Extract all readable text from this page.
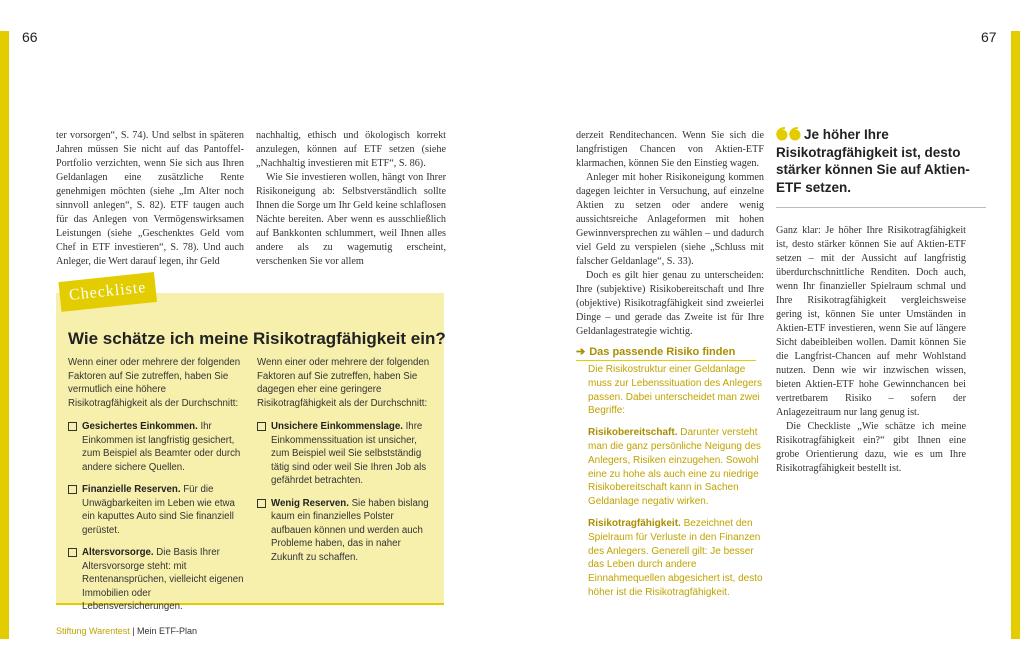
66	67

ter vorsorgen“, S. 74). Und selbst in späteren Jahren müssen Sie nicht auf das Pantoffel-Portfolio verzichten, wenn Sie sich aus Ihren Geldanlagen eine zusätzliche Rente genehmigen möchten (siehe „Im Alter noch sinnvoll anlegen“, S. 82). ETF taugen auch für das Anlegen von Vermögenswirksamen Leistungen (siehe „Geschenktes Geld vom Chef in ETF investieren“, S. 78). Und auch Anleger, die Wert darauf legen, ihr Geld

nachhaltig, ethisch und ökologisch korrekt anzulegen, können auf ETF setzen (siehe „Nachhaltig investieren mit ETF“, S. 86).

Wie Sie investieren wollen, hängt von Ihrer Risikoneigung ab: Selbstverständlich sollte Ihnen die Sorge um Ihr Geld keine schlaflosen Nächte bereiten. Aber wenn es ausschließlich auf Bankkonten schlummert, weil Ihnen alles andere als zu wagemutig erscheint, verschenken Sie vor allem

Checkliste
Wie schätze ich meine Risikotragfähigkeit ein?

Wenn einer oder mehrere der folgenden Faktoren auf Sie zutreffen, haben Sie vermutlich eine höhere Risikotragfähigkeit als der Durchschnitt:

Gesichertes Einkommen. Ihr Einkommen ist langfristig gesichert, zum Beispiel als Beamter oder durch andere sichere Quellen.
Finanzielle Reserven. Für die Unwägbarkeiten im Leben wie etwa ein kaputtes Auto sind Sie finanziell gerüstet.
Altersvorsorge. Die Basis Ihrer Altersvorsorge steht: mit Rentenansprüchen, vielleicht eigenen Immobilien oder Lebensversicherungen.

Wenn einer oder mehrere der folgenden Faktoren auf Sie zutreffen, haben Sie dagegen eher eine geringere Risikotragfähigkeit als der Durchschnitt:

Unsichere Einkommenslage. Ihre Einkommenssituation ist unsicher, zum Beispiel weil Sie selbstständig tätig sind oder weil Sie Ihren Job als gefährdet betrachten.
Wenig Reserven. Sie haben bislang kaum ein finanzielles Polster aufbauen können und werden auch Probleme haben, das in naher Zukunft zu schaffen.

derzeit Renditechancen. Wenn Sie sich die langfristigen Chancen von Aktien-ETF klarmachen, können Sie den Einstieg wagen.

Anleger mit hoher Risikoneigung kommen dagegen leichter in Versuchung, auf einzelne Aktien zu setzen oder andere wenig aussichtsreiche Anlageformen mit hohen Gewinnversprechen zu wählen – und dadurch viel Geld zu verspielen (siehe „Schluss mit falscher Geldanlage“, S. 33).

Doch es gilt hier genau zu unterscheiden: Ihre (subjektive) Risikobereitschaft und Ihre (objektive) Risikotragfähigkeit sind zweierlei Dinge – und gerade das Zweite ist für Ihre Geldanlagestrategie wichtig.

➔ Das passende Risiko finden

Die Risikostruktur einer Geldanlage muss zur Lebenssituation des Anlegers passen. Dabei unterscheidet man zwei Begriffe:

Risikobereitschaft. Darunter versteht man die ganz persönliche Neigung des Anlegers, Risiken einzugehen. Sowohl eine zu hohe als auch eine zu niedrige Risikobereitschaft kann in Sachen Geldanlage negativ wirken.

Risikotragfähigkeit. Bezeichnet den Spielraum für Verluste in den Finanzen des Anlegers. Generell gilt: Je besser das Leben durch andere Einnahmequellen abgesichert ist, desto höher ist die Risikotragfähigkeit.

Je höher Ihre Risikotragfähigkeit ist, desto stärker können Sie auf Aktien-ETF setzen.

Ganz klar: Je höher Ihre Risikotragfähigkeit ist, desto stärker können Sie auf Aktien-ETF setzen – mit der Aussicht auf langfristig überdurchschnittliche Renditen. Doch auch, wenn Ihr finanzieller Spielraum schmal und Ihre Risikotragfähigkeit vergleichsweise gering ist, können Sie unter Umständen in Aktien-ETF investieren, wenn Sie auf längere Sicht dabeibleiben wollen. Damit können Sie die Langfrist-Chancen auf mehr Wohlstand nutzen. Denn wie wir inzwischen wissen, bieten Aktien-ETF hohe Gewinnchancen bei vertretbarem Risiko – sofern der Anlagezeitraum nur lang genug ist.

Die Checkliste „Wie schätze ich meine Risikotragfähigkeit ein?“ gibt Ihnen eine grobe Orientierung dazu, wie es um Ihre Risikotragfähigkeit bestellt ist.

Stiftung Warentest | Mein ETF-Plan
